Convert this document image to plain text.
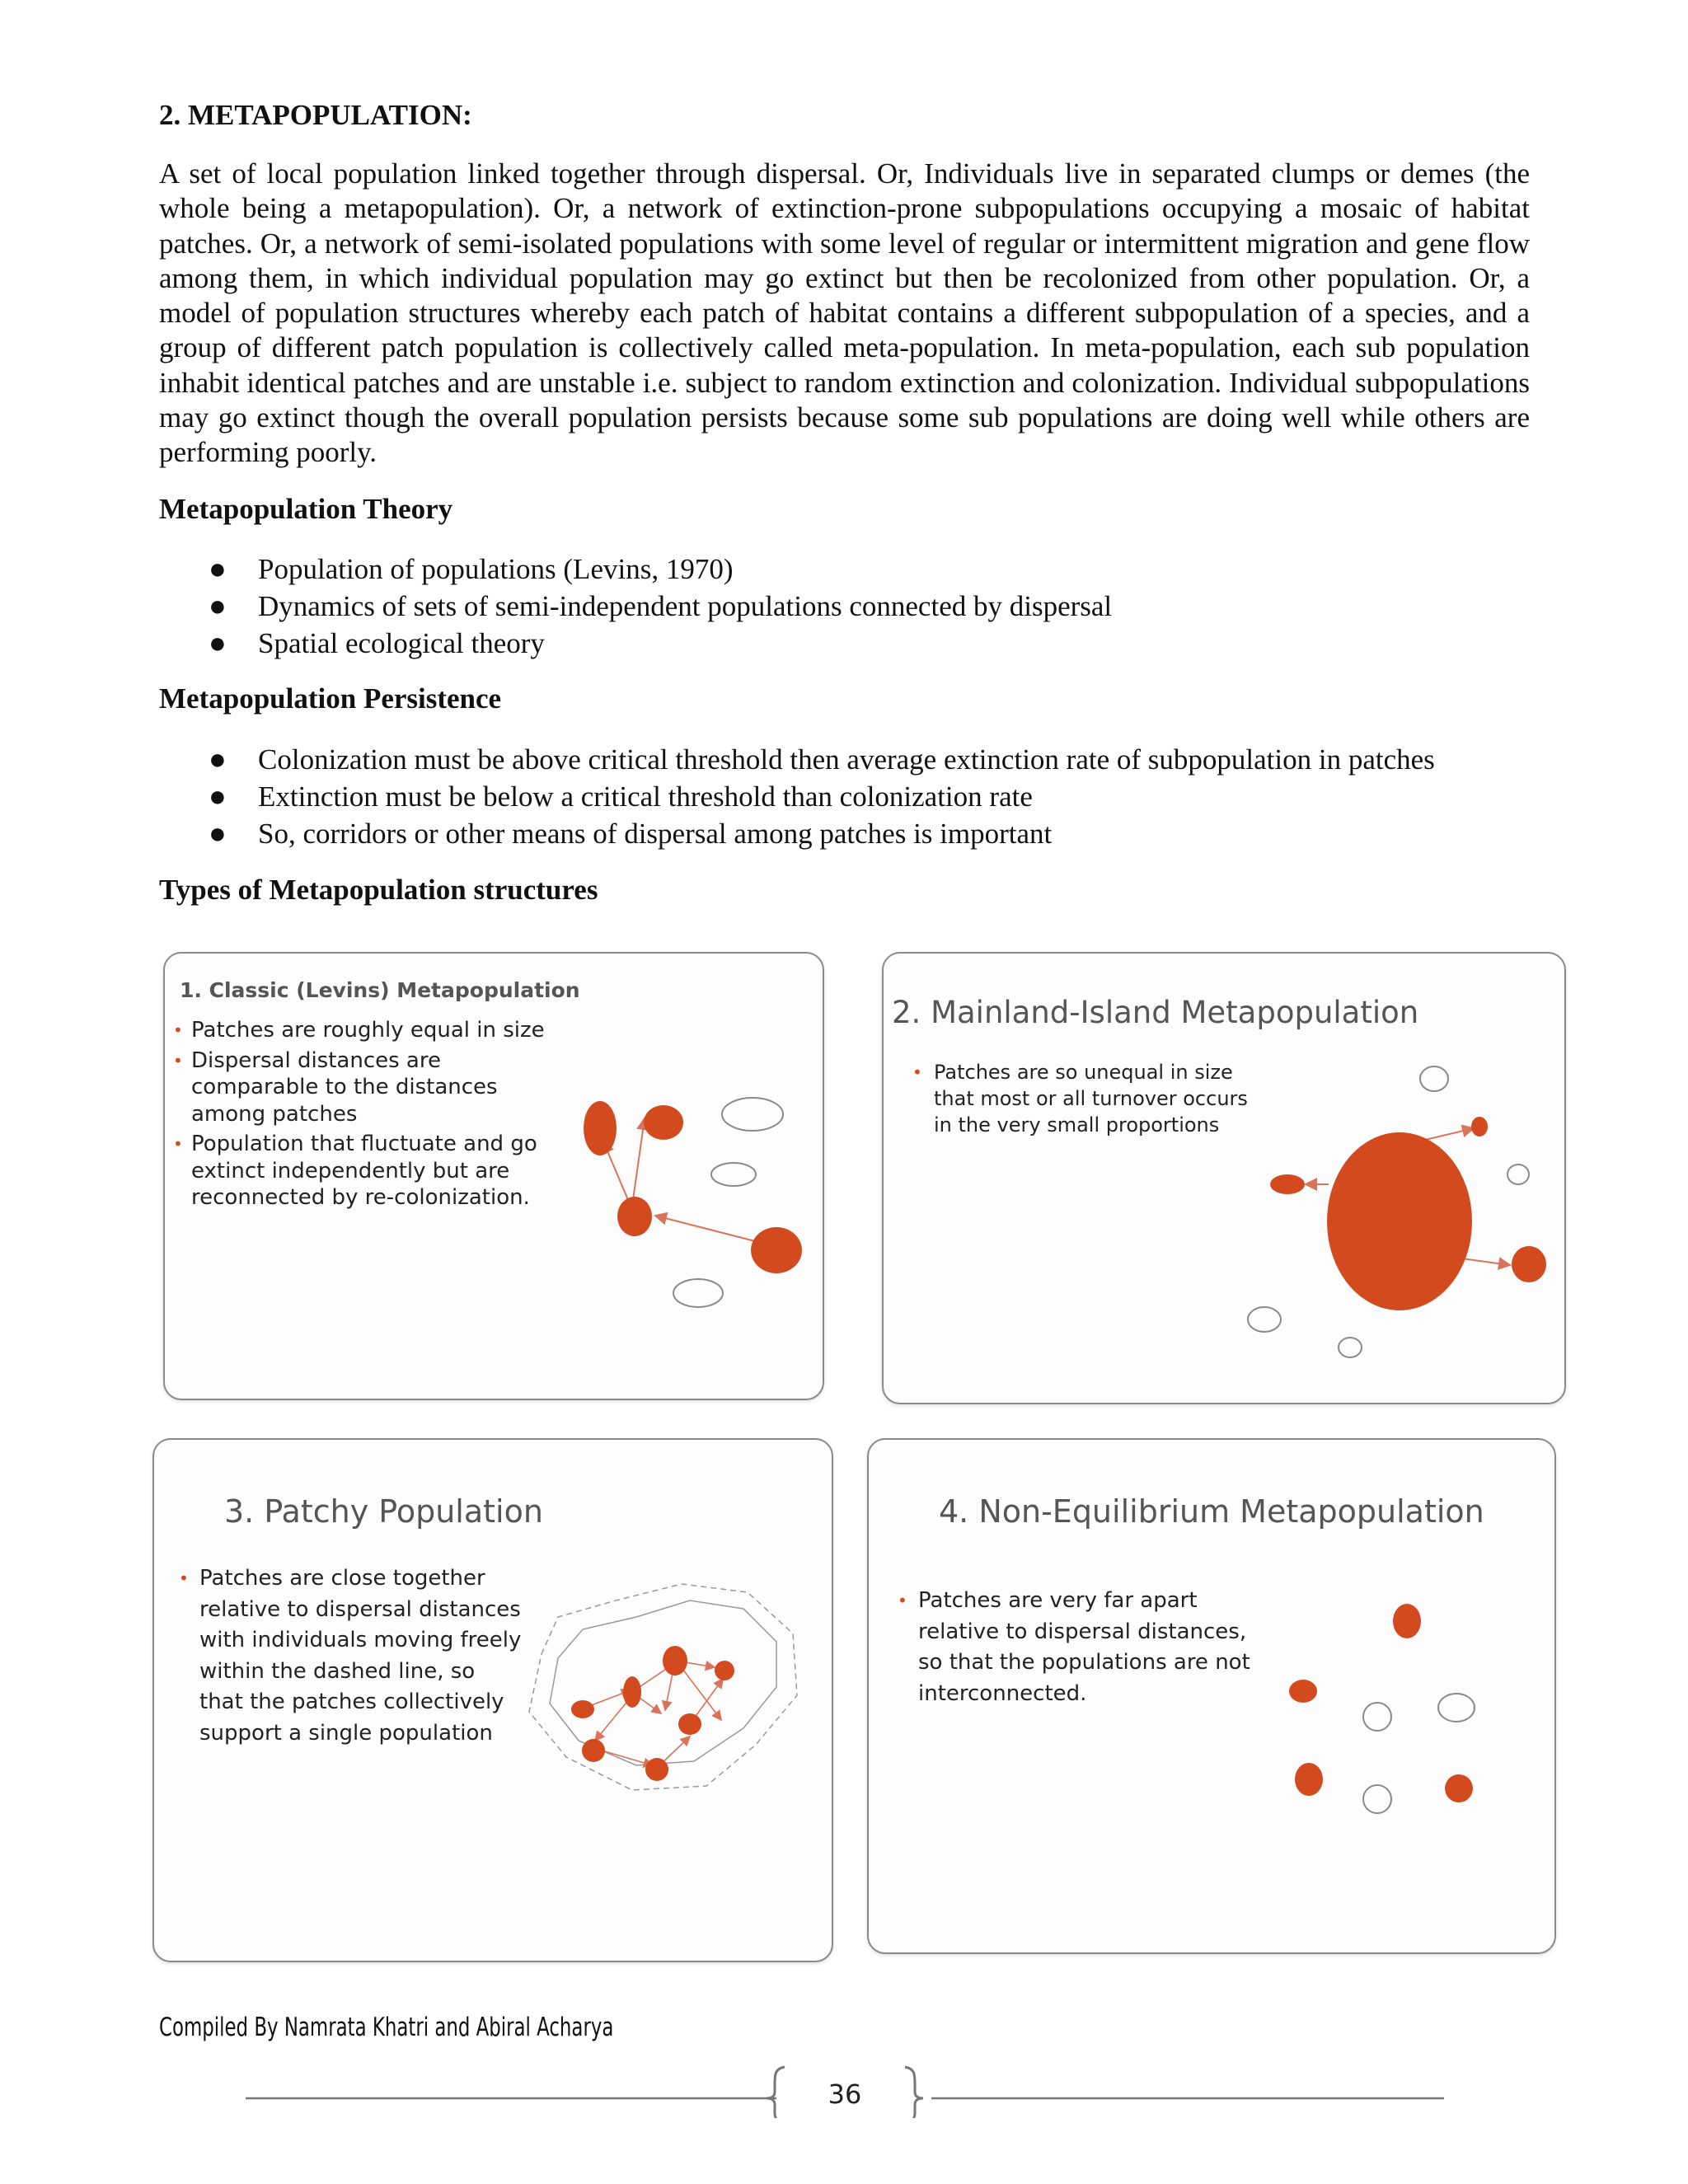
2. METAPOPULATION:

A set of local population linked together through dispersal. Or, Individuals live in separated clumps or demes (the whole being a metapopulation). Or, a network of extinction-prone subpopulations occupying a mosaic of habitat patches. Or, a network of semi-isolated populations with some level of regular or intermittent migration and gene flow among them, in which individual population may go extinct but then be recolonized from other population. Or, a model of population structures whereby each patch of habitat contains a different subpopulation of a species, and a group of different patch population is collectively called meta-population. In meta-population, each sub population inhabit identical patches and are unstable i.e. subject to random extinction and colonization. Individual subpopulations may go extinct though the overall population persists because some sub populations are doing well while others are performing poorly.

Metapopulation Theory
● Population of populations (Levins, 1970)
● Dynamics of sets of semi-independent populations connected by dispersal
● Spatial ecological theory
Metapopulation Persistence
● Colonization must be above critical threshold then average extinction rate of subpopulation in patches
● Extinction must be below a critical threshold than colonization rate
● So, corridors or other means of dispersal among patches is important
Types of Metapopulation structures
1. Classic (Levins) Metapopulation
• Patches are roughly equal in size
• Dispersal distances are comparable to the distances among patches
• Population that fluctuate and go extinct independently but are reconnected by re-colonization.
2. Mainland-Island Metapopulation
• Patches are so unequal in size that most or all turnover occurs in the very small proportions
3. Patchy Population
• Patches are close together relative to dispersal distances with individuals moving freely within the dashed line, so that the patches collectively support a single population
4. Non-Equilibrium Metapopulation
• Patches are very far apart relative to dispersal distances, so that the populations are not interconnected.
Compiled By Namrata Khatri and Abiral Acharya
36
